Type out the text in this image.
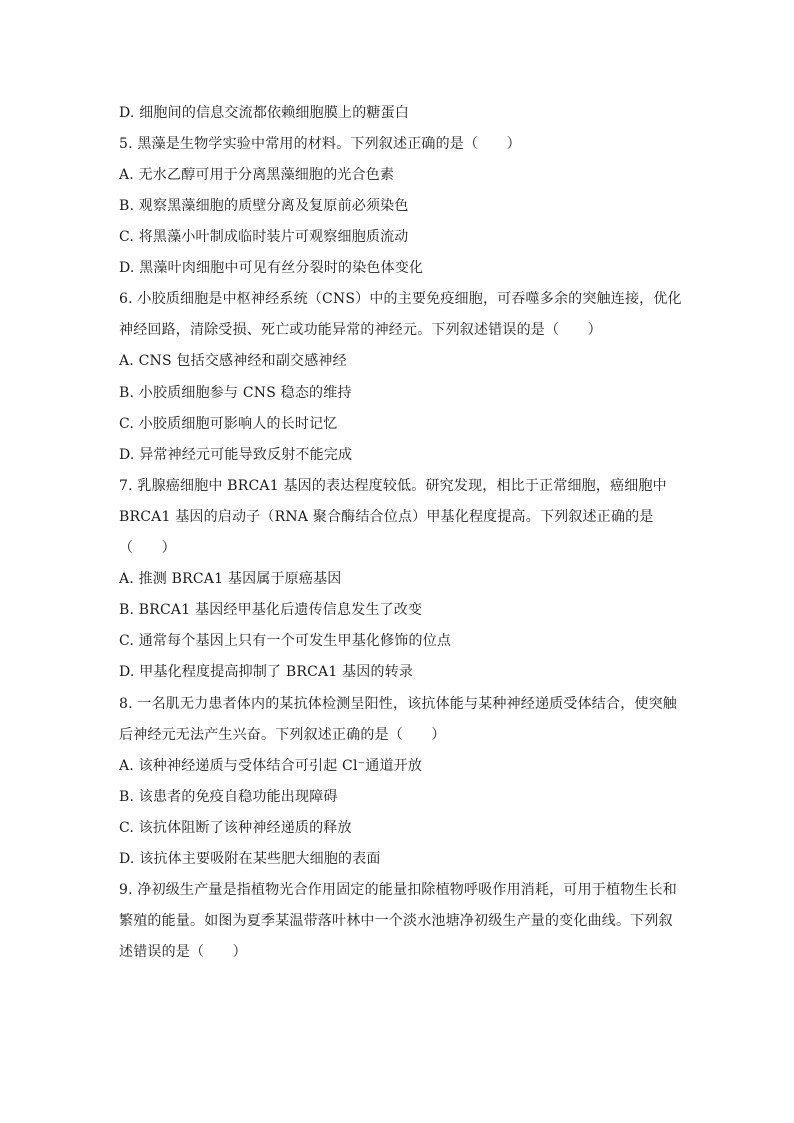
D. 细胞间的信息交流都依赖细胞膜上的糖蛋白
5. 黑藻是生物学实验中常用的材料。下列叙述正确的是（　　）
A. 无水乙醇可用于分离黑藻细胞的光合色素
B. 观察黑藻细胞的质壁分离及复原前必须染色
C. 将黑藻小叶制成临时装片可观察细胞质流动
D. 黑藻叶肉细胞中可见有丝分裂时的染色体变化
6. 小胶质细胞是中枢神经系统（CNS）中的主要免疫细胞，可吞噬多余的突触连接，优化
神经回路，清除受损、死亡或功能异常的神经元。下列叙述错误的是（　　）
A. CNS 包括交感神经和副交感神经
B. 小胶质细胞参与 CNS 稳态的维持
C. 小胶质细胞可影响人的长时记忆
D. 异常神经元可能导致反射不能完成
7. 乳腺癌细胞中 BRCA1 基因的表达程度较低。研究发现，相比于正常细胞，癌细胞中
BRCA1 基因的启动子（RNA 聚合酶结合位点）甲基化程度提高。下列叙述正确的是
（　　）
A. 推测 BRCA1 基因属于原癌基因
B. BRCA1 基因经甲基化后遗传信息发生了改变
C. 通常每个基因上只有一个可发生甲基化修饰的位点
D. 甲基化程度提高抑制了 BRCA1 基因的转录
8. 一名肌无力患者体内的某抗体检测呈阳性，该抗体能与某种神经递质受体结合，使突触
后神经元无法产生兴奋。下列叙述正确的是（　　）
A. 该种神经递质与受体结合可引起 Cl⁻通道开放
B. 该患者的免疫自稳功能出现障碍
C. 该抗体阻断了该种神经递质的释放
D. 该抗体主要吸附在某些肥大细胞的表面
9. 净初级生产量是指植物光合作用固定的能量扣除植物呼吸作用消耗，可用于植物生长和
繁殖的能量。如图为夏季某温带落叶林中一个淡水池塘净初级生产量的变化曲线。下列叙
述错误的是（　　）
